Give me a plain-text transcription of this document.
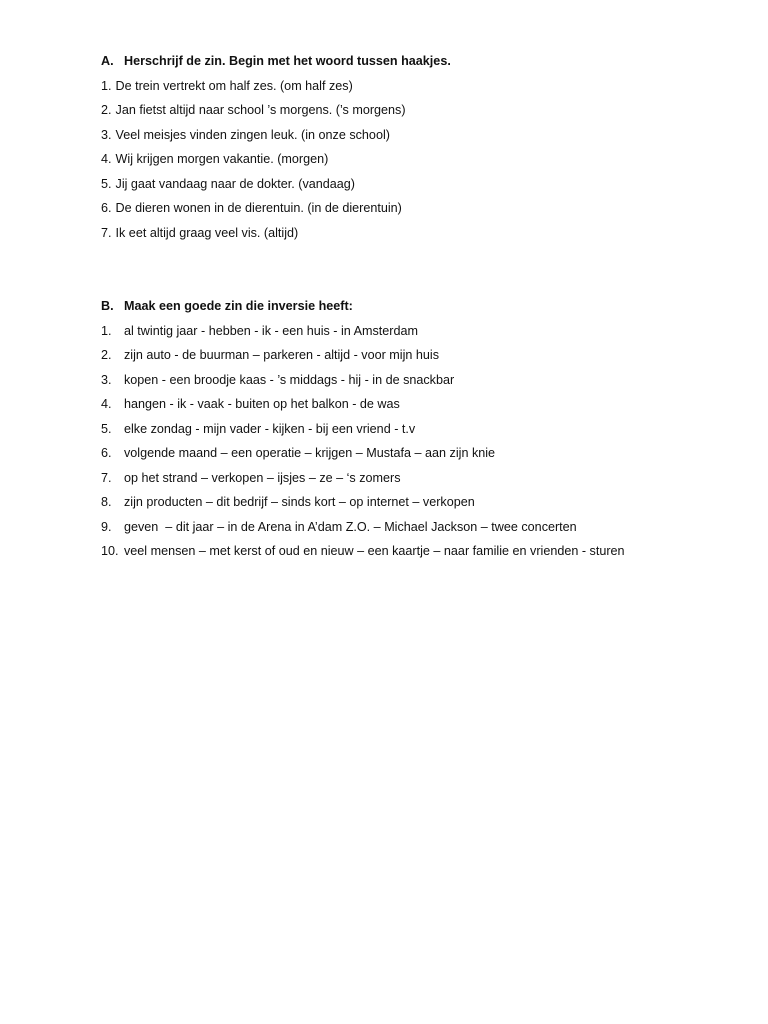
A. Herschrijf de zin. Begin met het woord tussen haakjes.
1. De trein vertrekt om half zes. (om half zes)
2. Jan fietst altijd naar school ’s morgens. (’s morgens)
3. Veel meisjes vinden zingen leuk. (in onze school)
4. Wij krijgen morgen vakantie. (morgen)
5. Jij gaat vandaag naar de dokter. (vandaag)
6. De dieren wonen in de dierentuin. (in de dierentuin)
7. Ik eet altijd graag veel vis. (altijd)
B. Maak een goede zin die inversie heeft:
1. al twintig jaar - hebben - ik - een huis - in Amsterdam
2. zijn auto - de buurman – parkeren - altijd - voor mijn huis
3. kopen - een broodje kaas - ’s middags - hij - in de snackbar
4. hangen - ik - vaak - buiten op het balkon - de was
5. elke zondag - mijn vader - kijken - bij een vriend - t.v
6. volgende maand – een operatie – krijgen – Mustafa – aan zijn knie
7. op het strand – verkopen – ijsjes – ze – ‘s zomers
8. zijn producten – dit bedrijf – sinds kort – op internet – verkopen
9. geven  – dit jaar – in de Arena in A’dam Z.O. – Michael Jackson – twee concerten
10. veel mensen – met kerst of oud en nieuw – een kaartje – naar familie en vrienden - sturen
